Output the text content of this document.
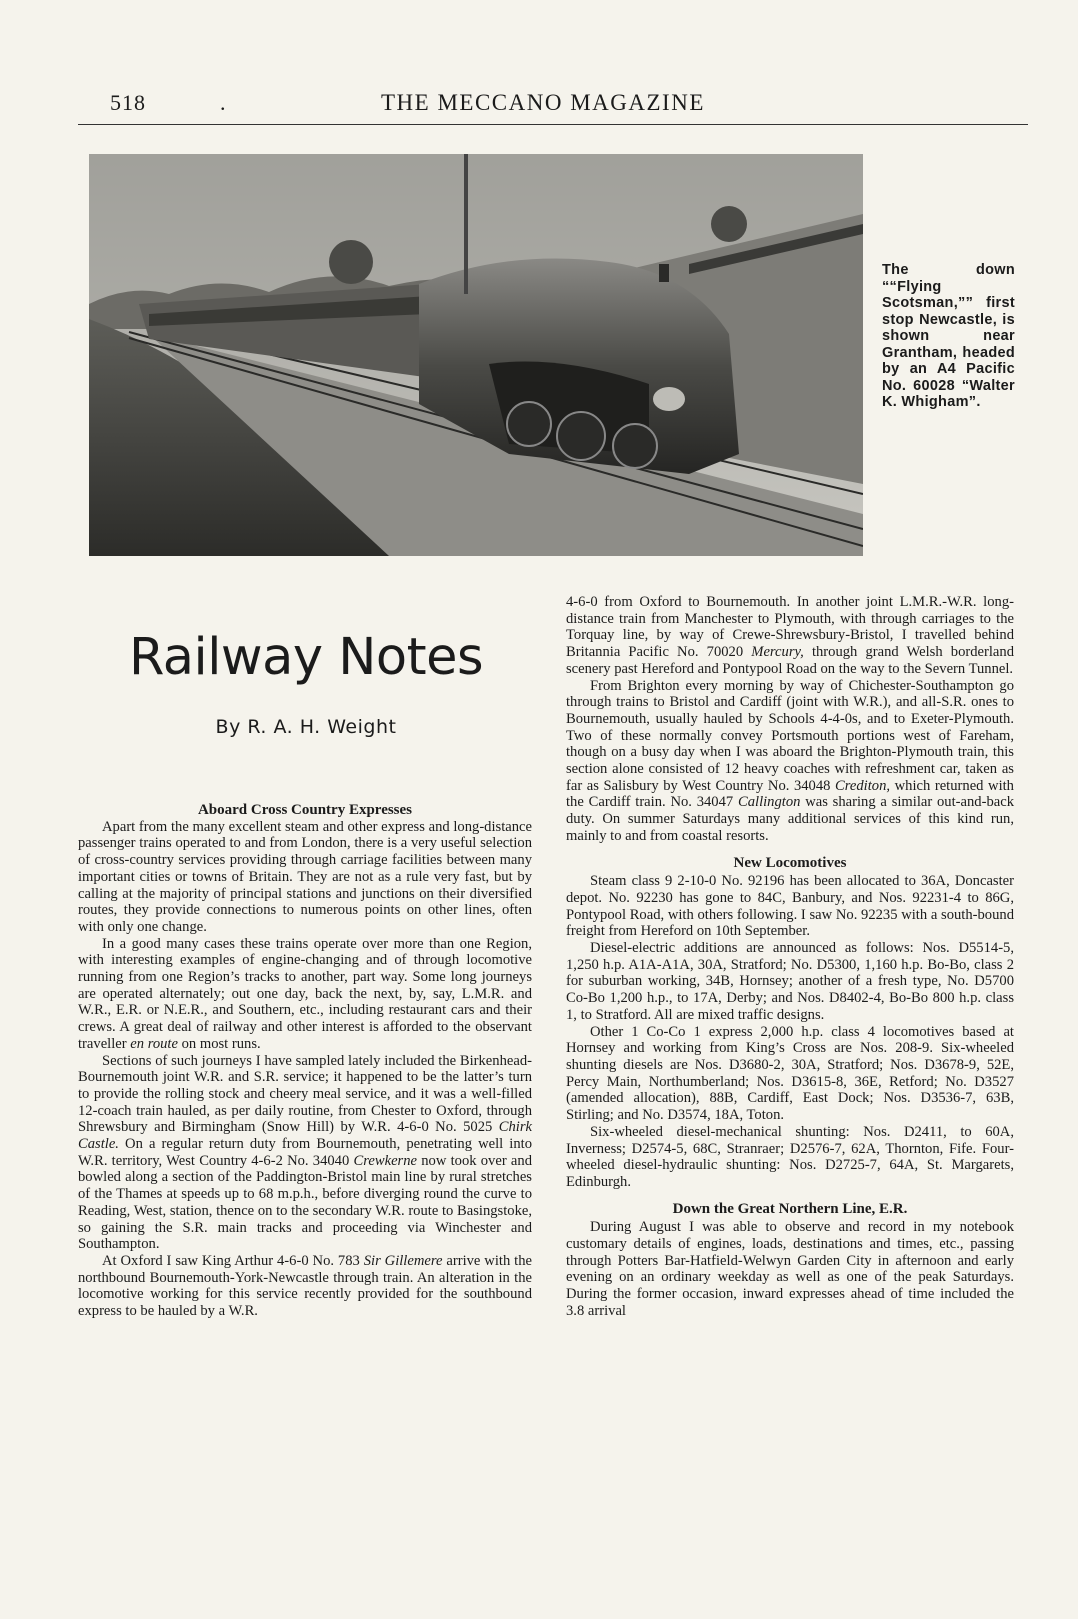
518	.	THE MECCANO MAGAZINE
The down ““Flying Scotsman,”” first stop Newcastle, is shown near Grantham, headed by an A4 Pacific No. 60028 “Walter K. Whigham”.
Railway Notes
By R. A. H. Weight
Aboard Cross Country Expresses

Apart from the many excellent steam and other express and long-distance passenger trains operated to and from London, there is a very useful selection of cross-country services providing through carriage facilities between many important cities or towns of Britain. They are not as a rule very fast, but by calling at the majority of principal stations and junctions on their diversified routes, they provide connections to numerous points on other lines, often with only one change.

In a good many cases these trains operate over more than one Region, with interesting examples of engine-changing and of through locomotive running from one Region’s tracks to another, part way. Some long journeys are operated alternately; out one day, back the next, by, say, L.M.R. and W.R., E.R. or N.E.R., and Southern, etc., including restaurant cars and their crews. A great deal of railway and other interest is afforded to the observant traveller en route on most runs.

Sections of such journeys I have sampled lately included the Birkenhead-Bournemouth joint W.R. and S.R. service; it happened to be the latter’s turn to provide the rolling stock and cheery meal service, and it was a well-filled 12-coach train hauled, as per daily routine, from Chester to Oxford, through Shrewsbury and Birmingham (Snow Hill) by W.R. 4-6-0 No. 5025 Chirk Castle. On a regular return duty from Bournemouth, penetrating well into W.R. territory, West Country 4-6-2 No. 34040 Crewkerne now took over and bowled along a section of the Paddington-Bristol main line by rural stretches of the Thames at speeds up to 68 m.p.h., before diverging round the curve to Reading, West, station, thence on to the secondary W.R. route to Basingstoke, so gaining the S.R. main tracks and proceeding via Winchester and Southampton.

At Oxford I saw King Arthur 4-6-0 No. 783 Sir Gillemere arrive with the northbound Bournemouth-York-Newcastle through train. An alteration in the locomotive working for this service recently provided for the southbound express to be hauled by a W.R.

4-6-0 from Oxford to Bournemouth. In another joint L.M.R.-W.R. long-distance train from Manchester to Plymouth, with through carriages to the Torquay line, by way of Crewe-Shrewsbury-Bristol, I travelled behind Britannia Pacific No. 70020 Mercury, through grand Welsh borderland scenery past Hereford and Pontypool Road on the way to the Severn Tunnel.

From Brighton every morning by way of Chichester-Southampton go through trains to Bristol and Cardiff (joint with W.R.), and all-S.R. ones to Bournemouth, usually hauled by Schools 4-4-0s, and to Exeter-Plymouth. Two of these normally convey Portsmouth portions west of Fareham, though on a busy day when I was aboard the Brighton-Plymouth train, this section alone consisted of 12 heavy coaches with refreshment car, taken as far as Salisbury by West Country No. 34048 Crediton, which returned with the Cardiff train. No. 34047 Callington was sharing a similar out-and-back duty. On summer Saturdays many additional services of this kind run, mainly to and from coastal resorts.

New Locomotives

Steam class 9 2-10-0 No. 92196 has been allocated to 36A, Doncaster depot. No. 92230 has gone to 84C, Banbury, and Nos. 92231-4 to 86G, Pontypool Road, with others following. I saw No. 92235 with a south-bound freight from Hereford on 10th September.

Diesel-electric additions are announced as follows: Nos. D5514-5, 1,250 h.p. A1A-A1A, 30A, Stratford; No. D5300, 1,160 h.p. Bo-Bo, class 2 for suburban working, 34B, Hornsey; another of a fresh type, No. D5700 Co-Bo 1,200 h.p., to 17A, Derby; and Nos. D8402-4, Bo-Bo 800 h.p. class 1, to Stratford. All are mixed traffic designs.

Other 1 Co-Co 1 express 2,000 h.p. class 4 locomotives based at Hornsey and working from King’s Cross are Nos. 208-9. Six-wheeled shunting diesels are Nos. D3680-2, 30A, Stratford; Nos. D3678-9, 52E, Percy Main, Northumberland; Nos. D3615-8, 36E, Retford; No. D3527 (amended allocation), 88B, Cardiff, East Dock; Nos. D3536-7, 63B, Stirling; and No. D3574, 18A, Toton.

Six-wheeled diesel-mechanical shunting: Nos. D2411, to 60A, Inverness; D2574-5, 68C, Stranraer; D2576-7, 62A, Thornton, Fife. Four-wheeled diesel-hydraulic shunting: Nos. D2725-7, 64A, St. Margarets, Edinburgh.

Down the Great Northern Line, E.R.

During August I was able to observe and record in my notebook customary details of engines, loads, destinations and times, etc., passing through Potters Bar-Hatfield-Welwyn Garden City in afternoon and early evening on an ordinary weekday as well as one of the peak Saturdays. During the former occasion, inward expresses ahead of time included the 3.8 arrival
